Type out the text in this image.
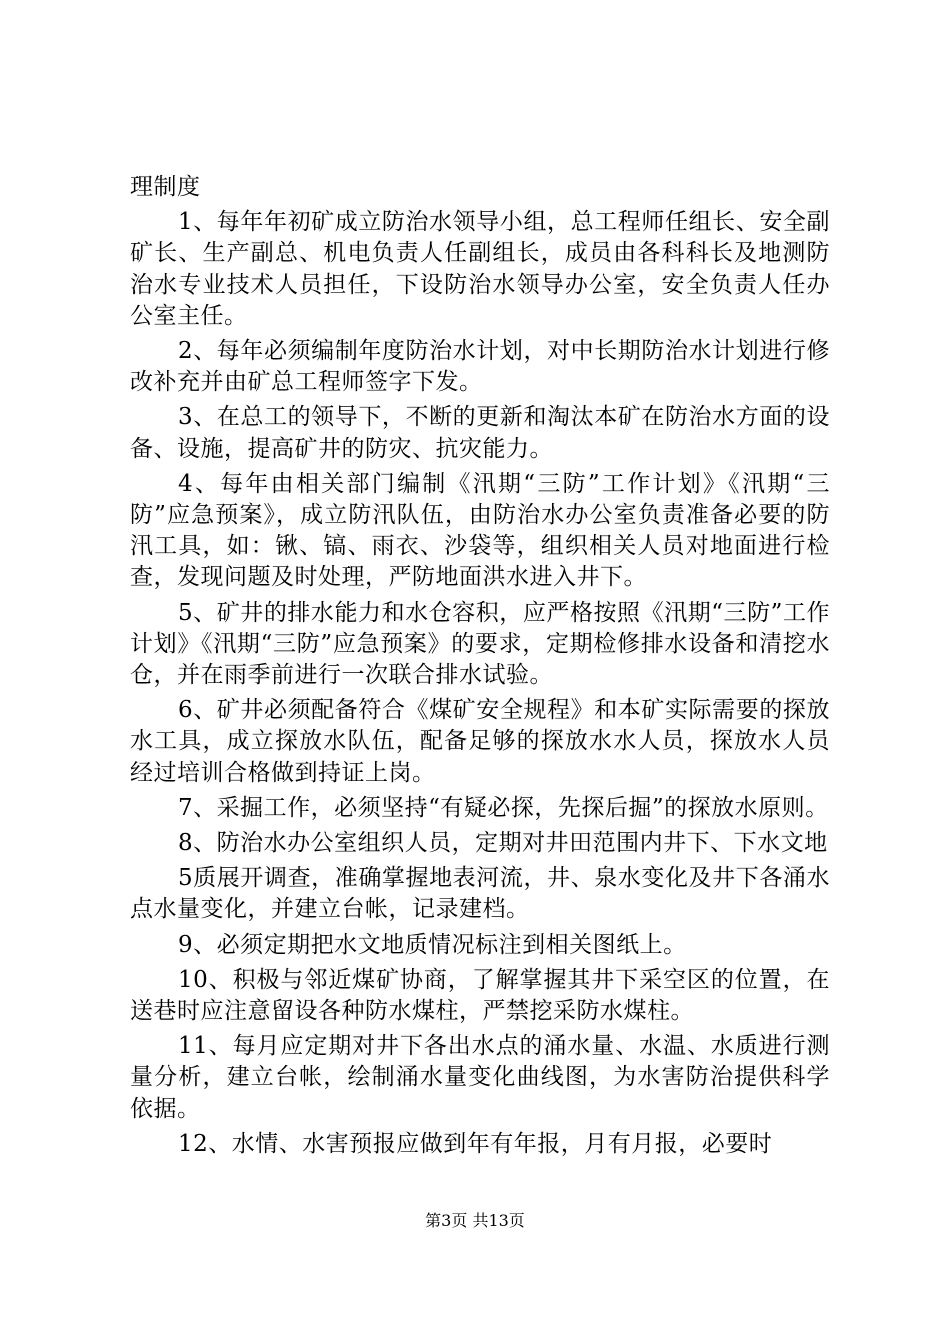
理制度

1、每年年初矿成立防治水领导小组，总工程师任组长、安全副矿长、生产副总、机电负责人任副组长，成员由各科科长及地测防治水专业技术人员担任，下设防治水领导办公室，安全负责人任办公室主任。

2、每年必须编制年度防治水计划，对中长期防治水计划进行修改补充并由矿总工程师签字下发。

3、在总工的领导下，不断的更新和淘汰本矿在防治水方面的设备、设施，提高矿井的防灾、抗灾能力。

4、每年由相关部门编制《汛期“三防”工作计划》《汛期“三防”应急预案》，成立防汛队伍，由防治水办公室负责准备必要的防汛工具，如：锹、镐、雨衣、沙袋等，组织相关人员对地面进行检查，发现问题及时处理，严防地面洪水进入井下。

5、矿井的排水能力和水仓容积，应严格按照《汛期“三防”工作计划》《汛期“三防”应急预案》的要求，定期检修排水设备和清挖水仓，并在雨季前进行一次联合排水试验。

6、矿井必须配备符合《煤矿安全规程》和本矿实际需要的探放水工具，成立探放水队伍，配备足够的探放水水人员，探放水人员经过培训合格做到持证上岗。

7、采掘工作，必须坚持“有疑必探，先探后掘”的探放水原则。

8、防治水办公室组织人员，定期对井田范围内井下、下水文地

5质展开调查，准确掌握地表河流，井、泉水变化及井下各涌水点水量变化，并建立台帐，记录建档。

9、必须定期把水文地质情况标注到相关图纸上。

10、积极与邻近煤矿协商，了解掌握其井下采空区的位置，在送巷时应注意留设各种防水煤柱，严禁挖采防水煤柱。

11、每月应定期对井下各出水点的涌水量、水温、水质进行测量分析，建立台帐，绘制涌水量变化曲线图，为水害防治提供科学依据。

12、水情、水害预报应做到年有年报，月有月报，必要时

第3页 共13页
